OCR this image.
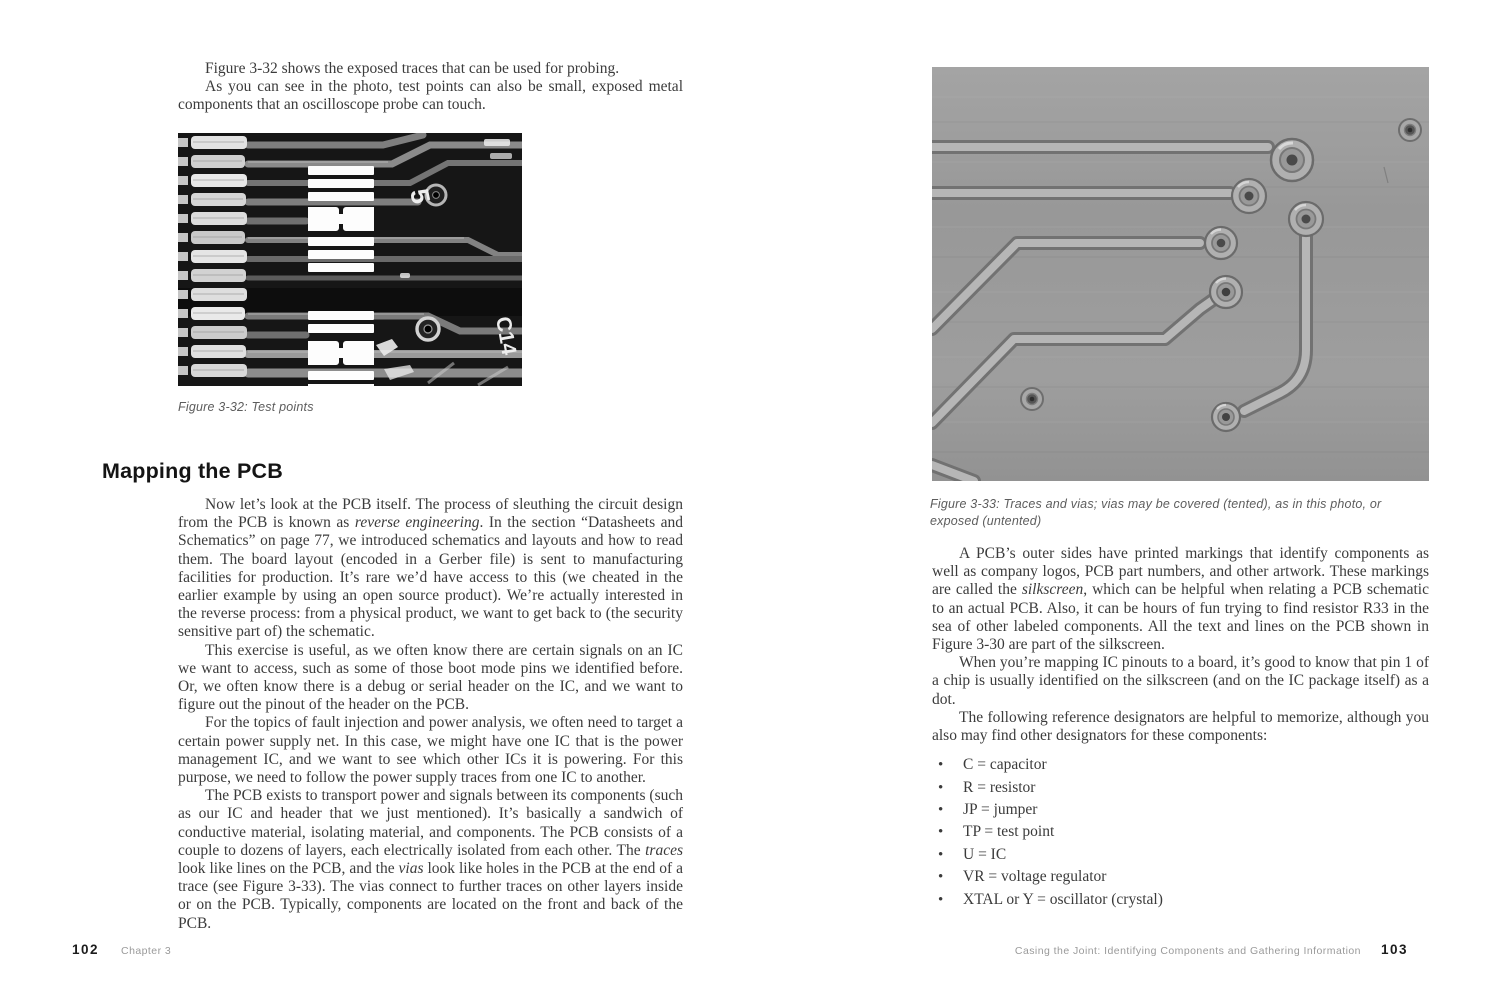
Figure 3-32 shows the exposed traces that can be used for probing.

As you can see in the photo, test points can also be small, exposed metal components that an oscilloscope probe can touch.

5
C14
Figure 3-32: Test points
Mapping the PCB

Now let’s look at the PCB itself. The process of sleuthing the circuit design from the PCB is known as reverse engineering. In the section “Datasheets and Schematics” on page 77, we introduced schematics and layouts and how to read them. The board layout (encoded in a Gerber file) is sent to manufacturing facilities for production. It’s rare we’d have access to this (we cheated in the earlier example by using an open source product). We’re actually interested in the reverse process: from a physical product, we want to get back to (the security sensitive part of) the schematic.

This exercise is useful, as we often know there are certain signals on an IC we want to access, such as some of those boot mode pins we identified before. Or, we often know there is a debug or serial header on the IC, and we want to figure out the pinout of the header on the PCB.

For the topics of fault injection and power analysis, we often need to target a certain power supply net. In this case, we might have one IC that is the power management IC, and we want to see which other ICs it is powering. For this purpose, we need to follow the power supply traces from one IC to another.

The PCB exists to transport power and signals between its components (such as our IC and header that we just mentioned). It’s basically a sandwich of conductive material, isolating material, and components. The PCB consists of a couple to dozens of layers, each electrically isolated from each other. The traces look like lines on the PCB, and the vias look like holes in the PCB at the end of a trace (see Figure 3-33). The vias connect to further traces on other layers inside or on the PCB. Typically, components are located on the front and back of the PCB.

102 Chapter 3
Figure 3-33: Traces and vias; vias may be covered (tented), as in this photo, or exposed (untented)

A PCB’s outer sides have printed markings that identify components as well as company logos, PCB part numbers, and other artwork. These markings are called the silkscreen, which can be helpful when relating a PCB schematic to an actual PCB. Also, it can be hours of fun trying to find resistor R33 in the sea of other labeled components. All the text and lines on the PCB shown in Figure 3-30 are part of the silkscreen.

When you’re mapping IC pinouts to a board, it’s good to know that pin 1 of a chip is usually identified on the silkscreen (and on the IC package itself) as a dot.

The following reference designators are helpful to memorize, although you also may find other designators for these components:

• C = capacitor
• R = resistor
• JP = jumper
• TP = test point
• U = IC
• VR = voltage regulator
• XTAL or Y = oscillator (crystal)
Casing the Joint: Identifying Components and Gathering Information 103
